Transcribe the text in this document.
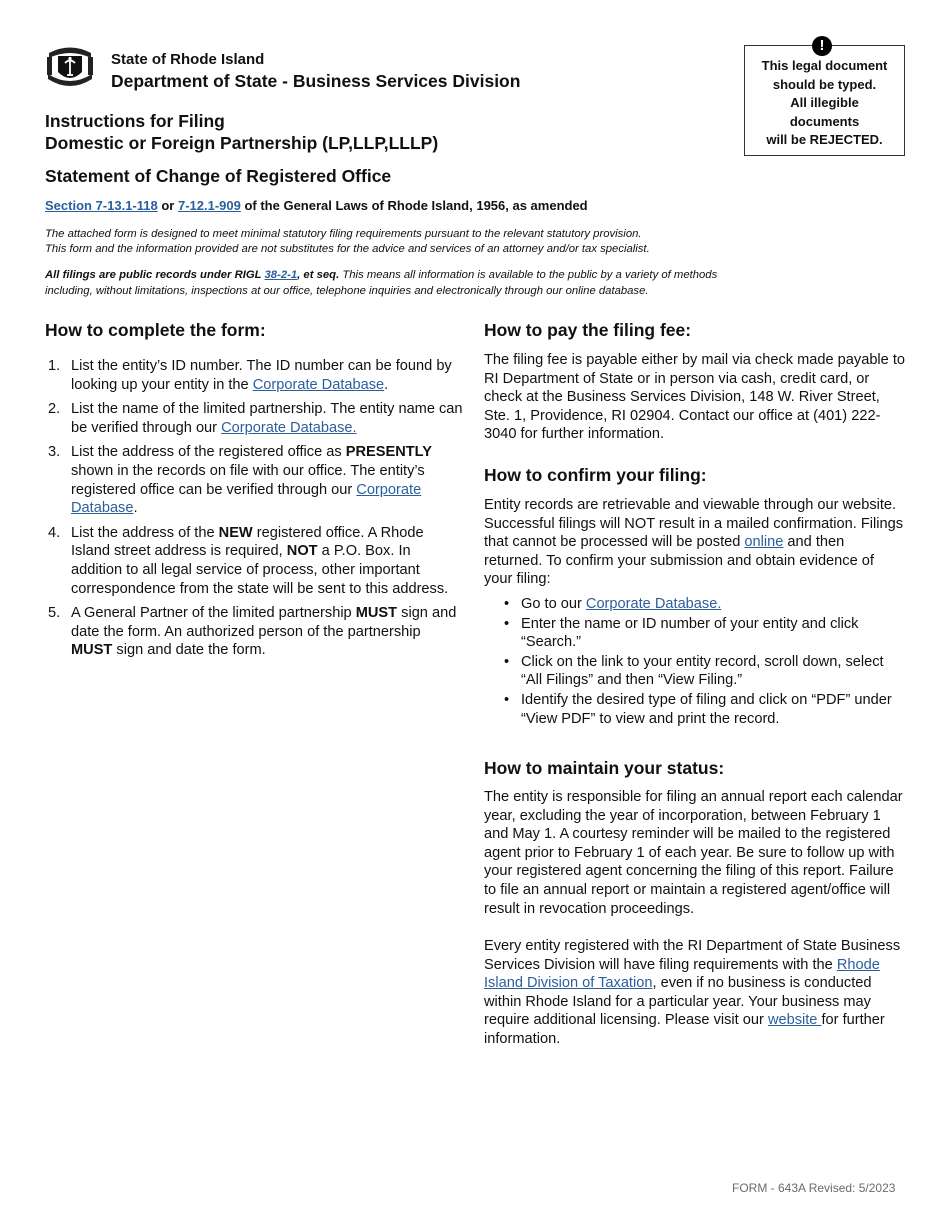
State of Rhode Island
Department of State - Business Services Division
This legal document
should be typed.
All illegible
documents
will be REJECTED.
!
Instructions for Filing
Domestic or Foreign Partnership (LP,LLP,LLLP)
Statement of Change of Registered Office
Section 7-13.1-118 or 7-12.1-909 of the General Laws of Rhode Island, 1956, as amended
The attached form is designed to meet minimal statutory filing requirements pursuant to the relevant statutory provision.
This form and the information provided are not substitutes for the advice and services of an attorney and/or tax specialist.
All filings are public records under RIGL 38-2-1, et seq. This means all information is available to the public by a variety of methods
including, without limitations, inspections at our office, telephone inquiries and electronically through our online database.
How to complete the form:
1. List the entity’s ID number. The ID number can be found by looking up your entity in the Corporate Database.
2. List the name of the limited partnership. The entity name can be verified through our Corporate Database.
3. List the address of the registered office as PRESENTLY shown in the records on file with our office. The entity’s registered office can be verified through our Corporate Database.
4. List the address of the NEW registered office. A Rhode Island street address is required, NOT a P.O. Box. In addition to all legal service of process, other important correspondence from the state will be sent to this address.
5. A General Partner of the limited partnership MUST sign and date the form. An authorized person of the partnership MUST sign and date the form.
How to pay the filing fee:
The filing fee is payable either by mail via check made payable to RI Department of State or in person via cash, credit card, or check at the Business Services Division, 148 W. River Street, Ste. 1, Providence, RI 02904. Contact our office at (401) 222-3040 for further information.
How to confirm your filing:
Entity records are retrievable and viewable through our website. Successful filings will NOT result in a mailed confirmation. Filings that cannot be processed will be posted online and then returned. To confirm your submission and obtain evidence of your filing:
• Go to our Corporate Database.
• Enter the name or ID number of your entity and click “Search.”
• Click on the link to your entity record, scroll down, select “All Filings” and then “View Filing.”
• Identify the desired type of filing and click on “PDF” under “View PDF” to view and print the record.
How to maintain your status:
The entity is responsible for filing an annual report each calendar year, excluding the year of incorporation, between February 1 and May 1. A courtesy reminder will be mailed to the registered agent prior to February 1 of each year. Be sure to follow up with your registered agent concerning the filing of this report. Failure to file an annual report or maintain a registered agent/office will result in revocation proceedings.
Every entity registered with the RI Department of State Business Services Division will have filing requirements with the Rhode Island Division of Taxation, even if no business is conducted within Rhode Island for a particular year. Your business may require additional licensing. Please visit our website for further information.
FORM - 643A Revised: 5/2023
